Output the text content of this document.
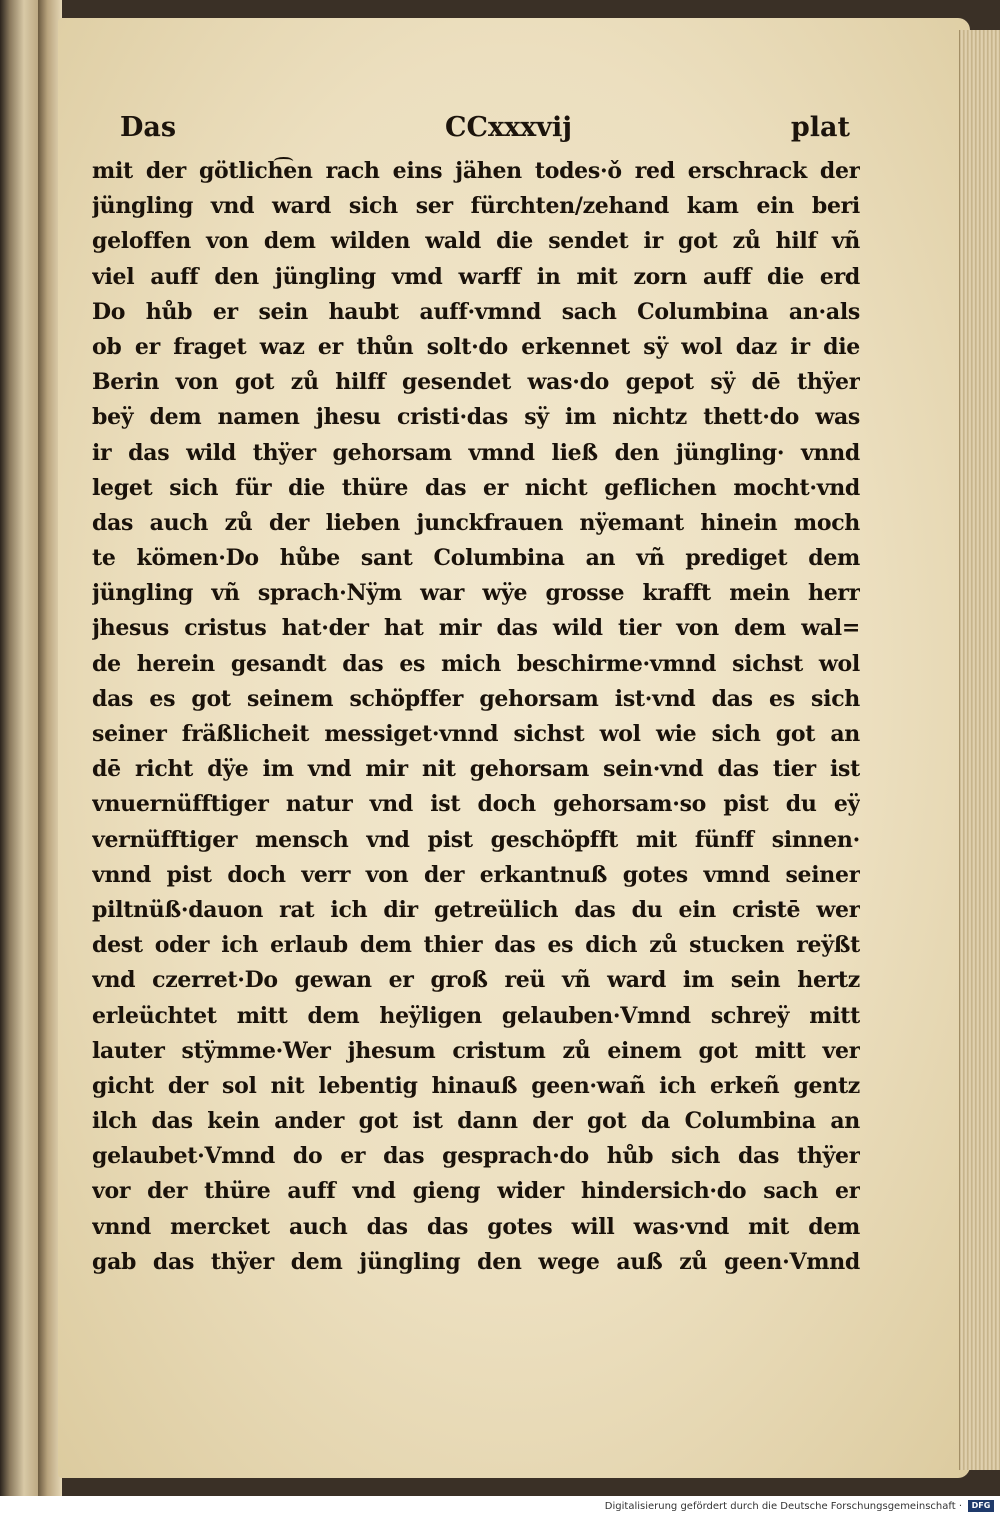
Das	CCxxxvij	plat
mit der götlich͡en rach eins jähen todes·ǒ red erschrack der
jüngling vnd ward sich ser fürchten/zehand kam ein beri
geloffen von dem wilden wald die sendet ir got zů hilf vñ
viel auff den jüngling vmd warff in mit zorn auff die erd
Do hůb er sein haubt auff·vmnd sach Columbina an·als
ob er fraget waz er thůn solt·do erkennet sÿ wol daz ir die
Berin von got zů hilff gesendet was·do gepot sÿ dē thÿer
beÿ dem namen jhesu cristi·das sÿ im nichtz thett·do was
ir das wild thÿer gehorsam vmnd ließ den jüngling· vnnd
leget sich für die thüre das er nicht geflichen mocht·vnd
das auch zů der lieben junckfrauen nÿemant hinein moch
te kömen·Do hůbe sant Columbina an vñ prediget dem
jüngling vñ sprach·Nÿm war wÿe grosse krafft mein herr
jhesus cristus hat·der hat mir das wild tier von dem wal=
de herein gesandt das es mich beschirme·vmnd sichst wol
das es got seinem schöpffer gehorsam ist·vnd das es sich
seiner fräßlicheit messiget·vnnd sichst wol wie sich got an
dē richt dÿe im vnd mir nit gehorsam sein·vnd das tier ist
vnuernüfftiger natur vnd ist doch gehorsam·so pist du eÿ
vernüfftiger mensch vnd pist geschöpfft mit fünff sinnen·
vnnd pist doch verr von der erkantnuß gotes vmnd seiner
piltnüß·dauon rat ich dir getreülich das du ein cristē wer
dest oder ich erlaub dem thier das es dich zů stucken reÿßt
vnd czerret·Do gewan er groß reü vñ ward im sein hertz
erleüchtet mitt dem heÿligen gelauben·Vmnd schreÿ mitt
lauter stÿmme·Wer jhesum cristum zů einem got mitt ver
gicht der sol nit lebentig hinauß geen·wañ ich erkeñ gentz
ilch das kein ander got ist dann der got da Columbina an
gelaubet·Vmnd do er das gesprach·do hůb sich das thÿer
vor der thüre auff vnd gieng wider hindersich·do sach er
vnnd mercket auch das das gotes will was·vnd mit dem
gab das thÿer dem jüngling den wege auß zů geen·Vmnd
Digitalisierung gefördert durch die Deutsche Forschungsgemeinschaft ·	DFG
